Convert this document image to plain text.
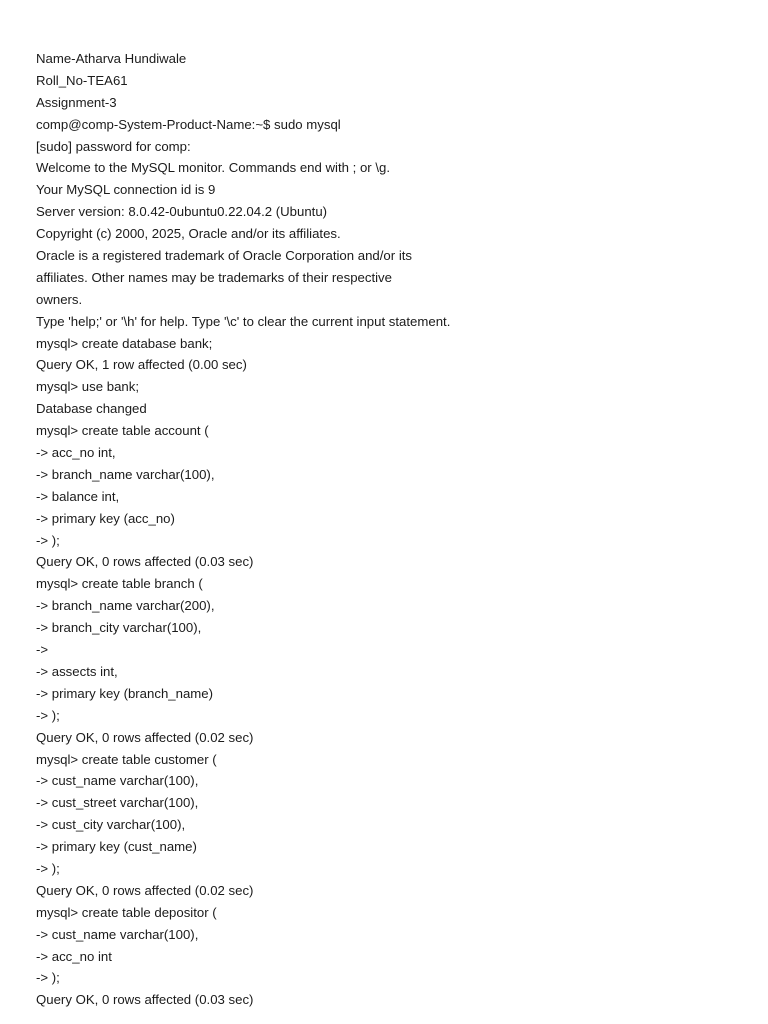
Name-Atharva Hundiwale
Roll_No-TEA61
Assignment-3
comp@comp-System-Product-Name:~$ sudo mysql
[sudo] password for comp:
Welcome to the MySQL monitor. Commands end with ; or \g.
Your MySQL connection id is 9
Server version: 8.0.42-0ubuntu0.22.04.2 (Ubuntu)
Copyright (c) 2000, 2025, Oracle and/or its affiliates.
Oracle is a registered trademark of Oracle Corporation and/or its
affiliates. Other names may be trademarks of their respective
owners.
Type 'help;' or '\h' for help. Type '\c' to clear the current input statement.
mysql> create database bank;
Query OK, 1 row affected (0.00 sec)
mysql> use bank;
Database changed
mysql> create table account (
-> acc_no int,
-> branch_name varchar(100),
-> balance int,
-> primary key (acc_no)
-> );
Query OK, 0 rows affected (0.03 sec)
mysql> create table branch (
-> branch_name varchar(200),
-> branch_city varchar(100),
->
-> assects int,
-> primary key (branch_name)
-> );
Query OK, 0 rows affected (0.02 sec)
mysql> create table customer (
-> cust_name varchar(100),
-> cust_street varchar(100),
-> cust_city varchar(100),
-> primary key (cust_name)
-> );
Query OK, 0 rows affected (0.02 sec)
mysql> create table depositor (
-> cust_name varchar(100),
-> acc_no int
-> );
Query OK, 0 rows affected (0.03 sec)
